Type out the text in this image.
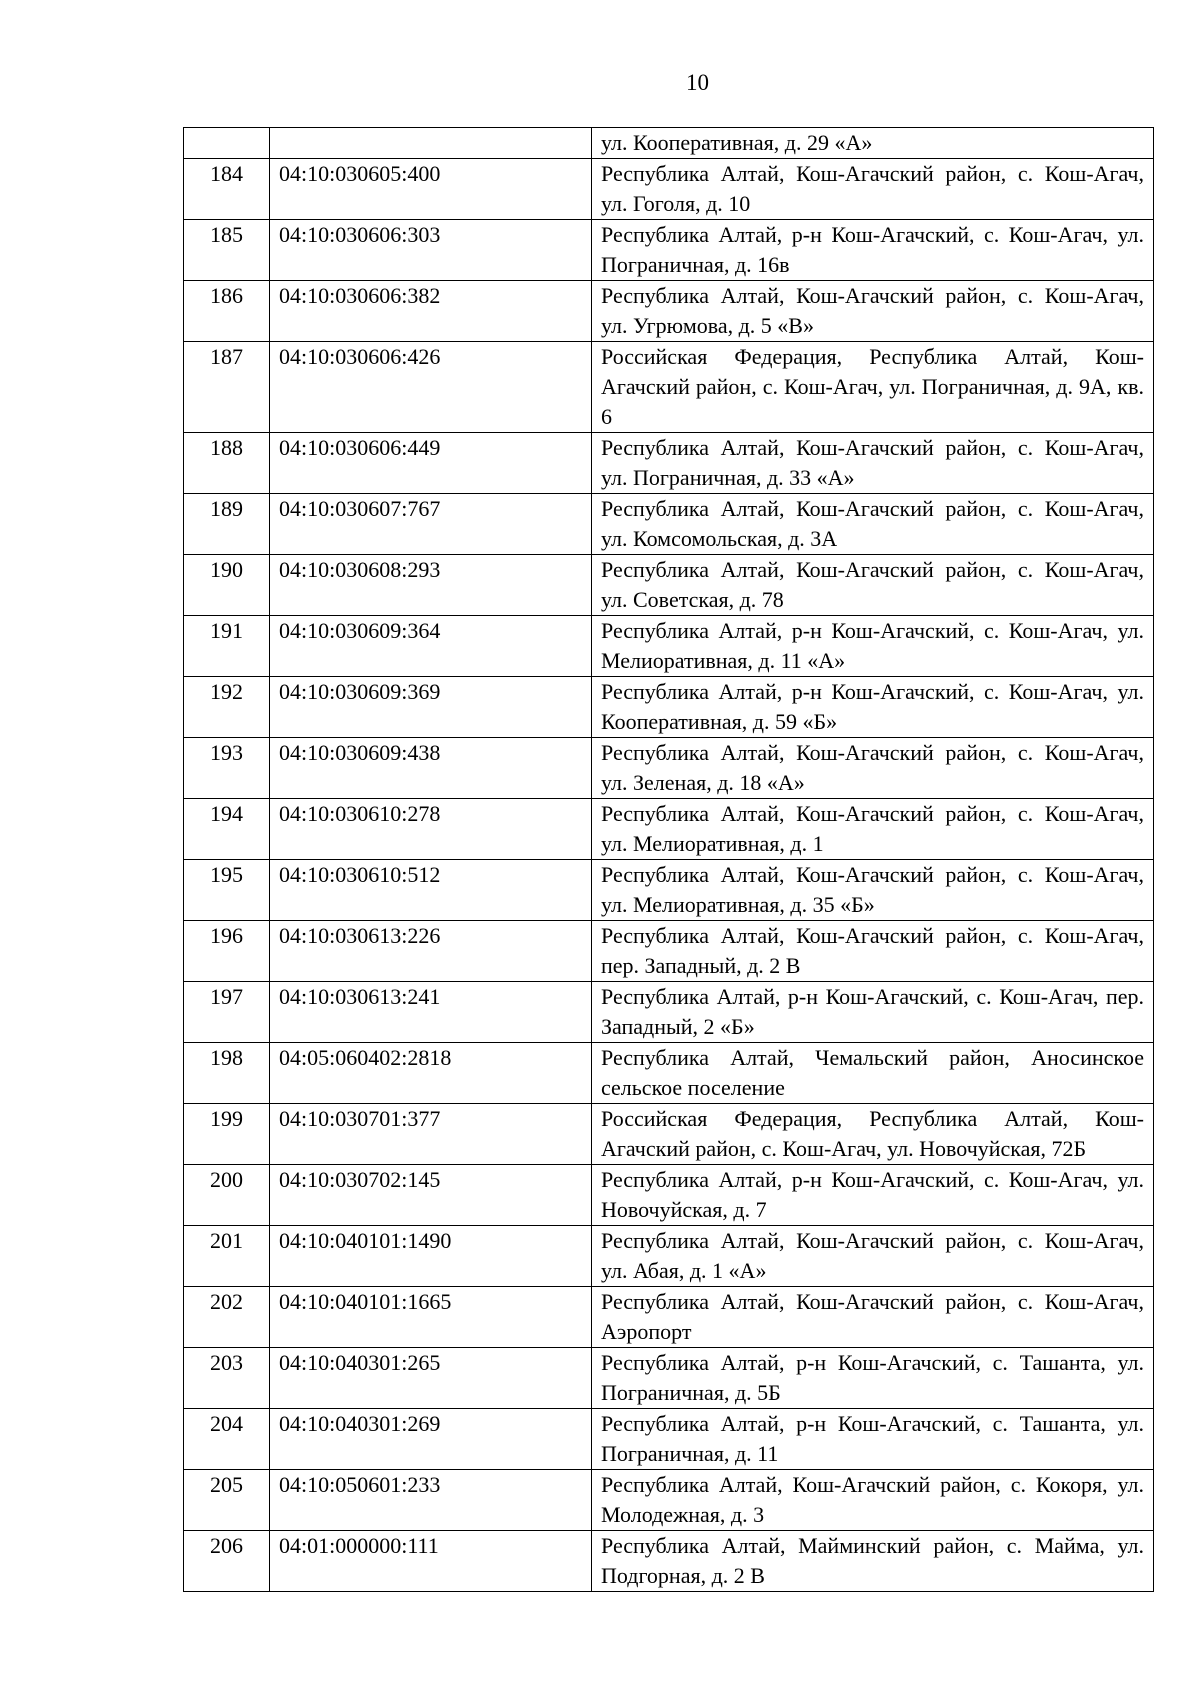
10
		ул. Кооперативная, д. 29 «А»
184	04:10:030605:400	Республика Алтай, Кош-Агачский район, с. Кош-Агач, ул. Гоголя, д. 10
185	04:10:030606:303	Республика Алтай, р-н Кош-Агачский, с. Кош-Агач, ул. Пограничная, д. 16в
186	04:10:030606:382	Республика Алтай, Кош-Агачский район, с. Кош-Агач, ул. Угрюмова, д. 5 «В»
187	04:10:030606:426	Российская Федерация, Республика Алтай, Кош-Агачский район, с. Кош-Агач, ул. Пограничная, д. 9А, кв. 6
188	04:10:030606:449	Республика Алтай, Кош-Агачский район, с. Кош-Агач, ул. Пограничная, д. 33 «А»
189	04:10:030607:767	Республика Алтай, Кош-Агачский район, с. Кош-Агач, ул. Комсомольская, д. 3А
190	04:10:030608:293	Республика Алтай, Кош-Агачский район, с. Кош-Агач, ул. Советская, д. 78
191	04:10:030609:364	Республика Алтай, р-н Кош-Агачский, с. Кош-Агач, ул. Мелиоративная, д. 11 «А»
192	04:10:030609:369	Республика Алтай, р-н Кош-Агачский, с. Кош-Агач, ул. Кооперативная, д. 59 «Б»
193	04:10:030609:438	Республика Алтай, Кош-Агачский район, с. Кош-Агач, ул. Зеленая, д. 18 «А»
194	04:10:030610:278	Республика Алтай, Кош-Агачский район, с. Кош-Агач, ул. Мелиоративная, д. 1
195	04:10:030610:512	Республика Алтай, Кош-Агачский район, с. Кош-Агач, ул. Мелиоративная, д. 35 «Б»
196	04:10:030613:226	Республика Алтай, Кош-Агачский район, с. Кош-Агач, пер. Западный, д. 2 В
197	04:10:030613:241	Республика Алтай, р-н Кош-Агачский, с. Кош-Агач, пер. Западный, 2 «Б»
198	04:05:060402:2818	Республика Алтай, Чемальский район, Аносинское сельское поселение
199	04:10:030701:377	Российская Федерация, Республика Алтай, Кош-Агачский район, с. Кош-Агач, ул. Новочуйская, 72Б
200	04:10:030702:145	Республика Алтай, р-н Кош-Агачский, с. Кош-Агач, ул. Новочуйская, д. 7
201	04:10:040101:1490	Республика Алтай, Кош-Агачский район, с. Кош-Агач, ул. Абая, д. 1 «А»
202	04:10:040101:1665	Республика Алтай, Кош-Агачский район, с. Кош-Агач, Аэропорт
203	04:10:040301:265	Республика Алтай, р-н Кош-Агачский, с. Ташанта, ул. Пограничная, д. 5Б
204	04:10:040301:269	Республика Алтай, р-н Кош-Агачский, с. Ташанта, ул. Пограничная, д. 11
205	04:10:050601:233	Республика Алтай, Кош-Агачский район, с. Кокоря, ул. Молодежная, д. 3
206	04:01:000000:111	Республика Алтай, Майминский район, с. Майма, ул. Подгорная, д. 2 В
